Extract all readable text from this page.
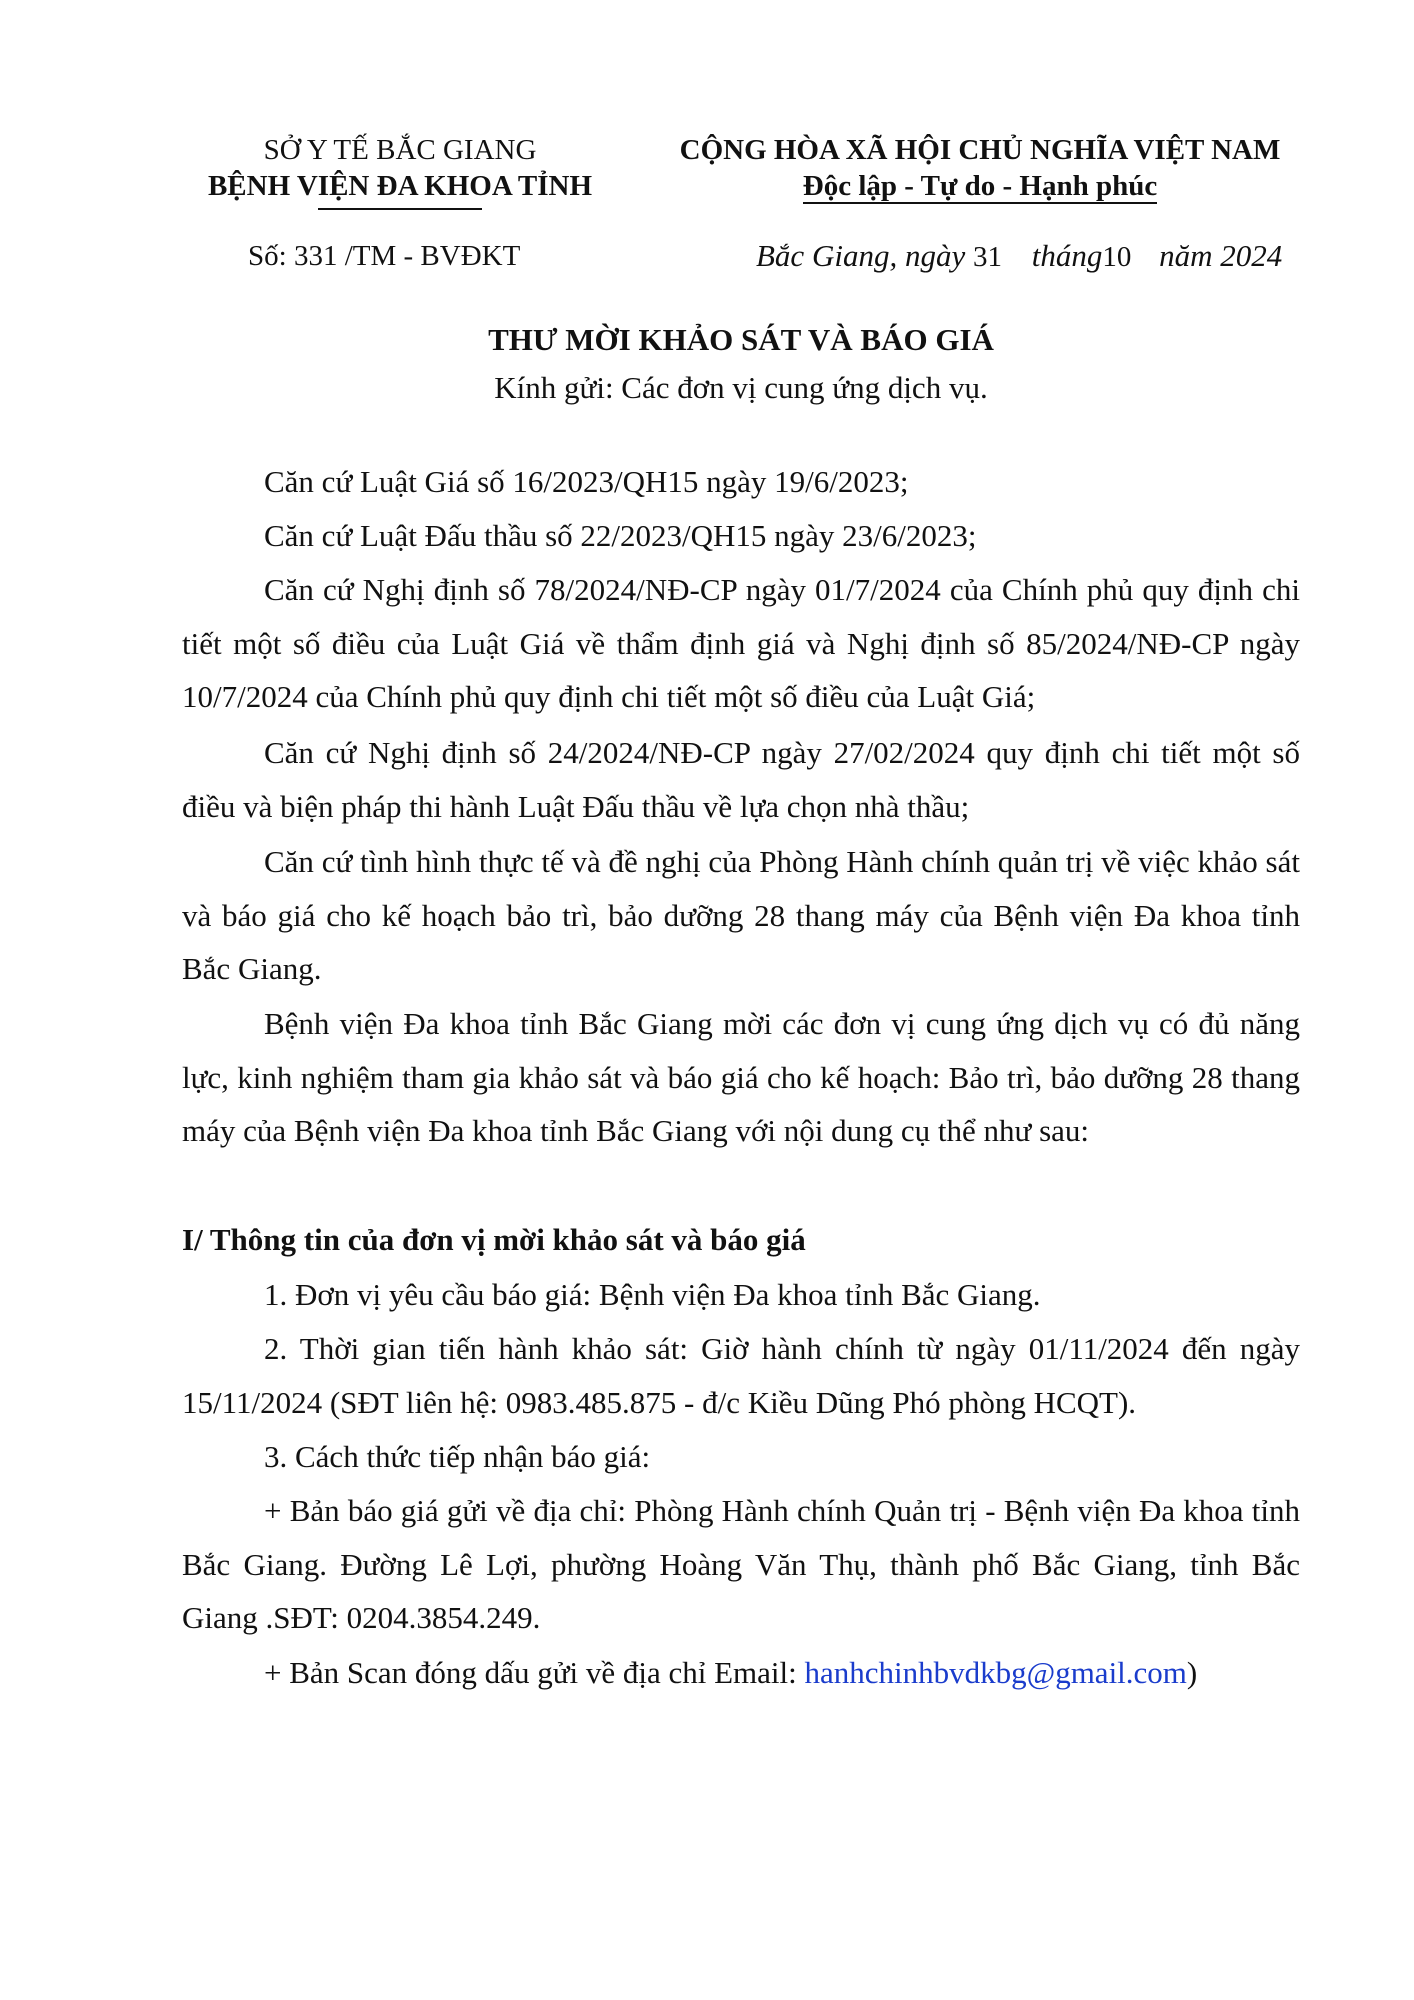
SỞ Y TẾ BẮC GIANG
BỆNH VIỆN ĐA KHOA TỈNH
CỘNG HÒA XÃ HỘI CHỦ NGHĨA VIỆT NAM
Độc lập - Tự do - Hạnh phúc
Số: 331 /TM - BVĐKT	Bắc Giang, ngày 31 tháng10 năm 2024
THƯ MỜI KHẢO SÁT VÀ BÁO GIÁ
Kính gửi: Các đơn vị cung ứng dịch vụ.
Căn cứ Luật Giá số 16/2023/QH15 ngày 19/6/2023;
Căn cứ Luật Đấu thầu số 22/2023/QH15 ngày 23/6/2023;
Căn cứ Nghị định số 78/2024/NĐ-CP ngày 01/7/2024 của Chính phủ quy định chi tiết một số điều của Luật Giá về thẩm định giá và Nghị định số 85/2024/NĐ-CP ngày 10/7/2024 của Chính phủ quy định chi tiết một số điều của Luật Giá;
Căn cứ Nghị định số 24/2024/NĐ-CP ngày 27/02/2024 quy định chi tiết một số điều và biện pháp thi hành Luật Đấu thầu về lựa chọn nhà thầu;
Căn cứ tình hình thực tế và đề nghị của Phòng Hành chính quản trị về việc khảo sát và báo giá cho kế hoạch bảo trì, bảo dưỡng 28 thang máy của Bệnh viện Đa khoa tỉnh Bắc Giang.
Bệnh viện Đa khoa tỉnh Bắc Giang mời các đơn vị cung ứng dịch vụ có đủ năng lực, kinh nghiệm tham gia khảo sát và báo giá cho kế hoạch: Bảo trì, bảo dưỡng 28 thang máy của Bệnh viện Đa khoa tỉnh Bắc Giang với nội dung cụ thể như sau:
I/ Thông tin của đơn vị mời khảo sát và báo giá
1. Đơn vị yêu cầu báo giá: Bệnh viện Đa khoa tỉnh Bắc Giang.
2. Thời gian tiến hành khảo sát: Giờ hành chính từ ngày 01/11/2024 đến ngày 15/11/2024 (SĐT liên hệ: 0983.485.875 - đ/c Kiều Dũng Phó phòng HCQT).
3. Cách thức tiếp nhận báo giá:
+ Bản báo giá gửi về địa chỉ: Phòng Hành chính Quản trị - Bệnh viện Đa khoa tỉnh Bắc Giang. Đường Lê Lợi, phường Hoàng Văn Thụ, thành phố Bắc Giang, tỉnh Bắc Giang .SĐT: 0204.3854.249.
+ Bản Scan đóng dấu gửi về địa chỉ Email: hanhchinhbvdkbg@gmail.com)
